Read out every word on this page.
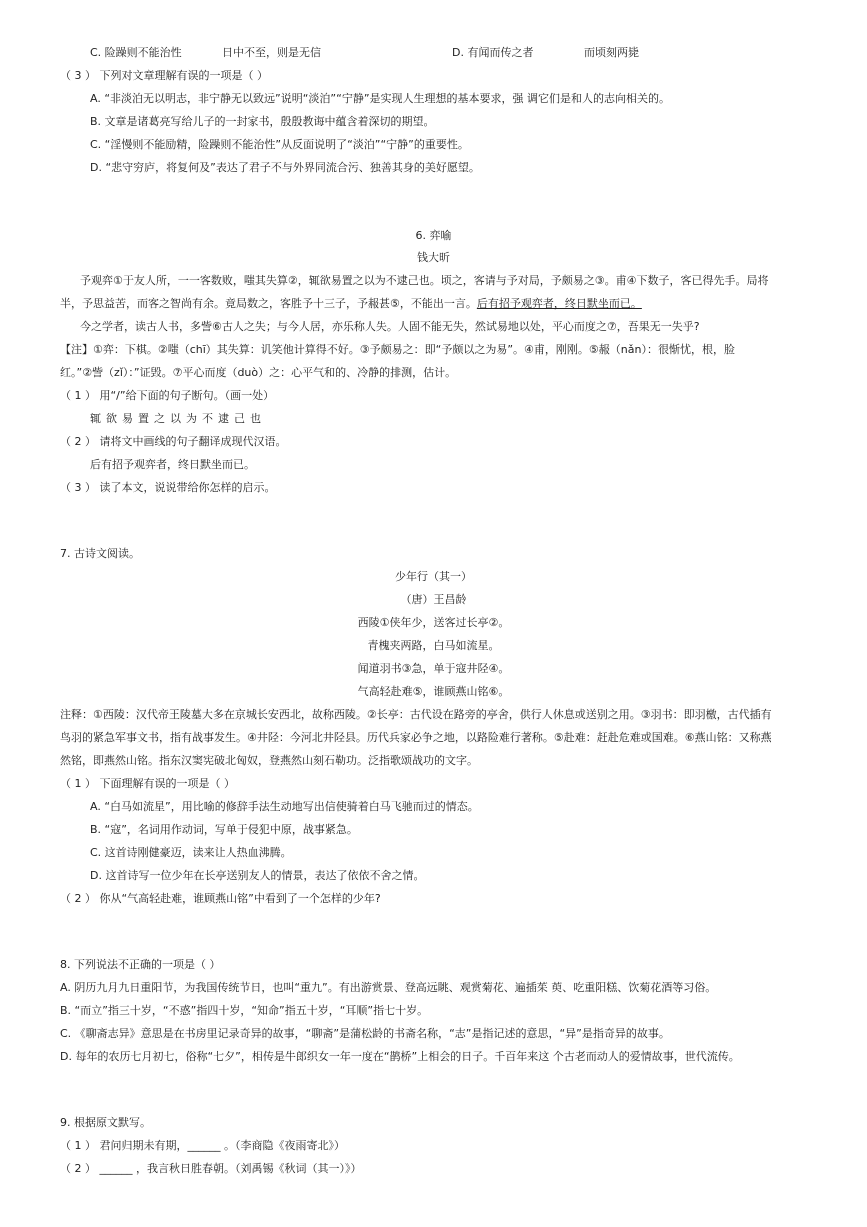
C. 险躁则不能治性	日中不至，则是无信	D. 有闻而传之者	而顷刻两毙
（ 3 ） 下列对文章理解有误的一项是（ ）
A. “非淡泊无以明志，非宁静无以致远”说明“淡泊”“宁静”是实现人生理想的基本要求，强 调它们是和人的志向相关的。
B. 文章是诸葛亮写给儿子的一封家书，殷殷教诲中蕴含着深切的期望。
C. “淫慢则不能励精，险躁则不能治性”从反面说明了“淡泊”“宁静”的重要性。
D. “悲守穷庐，将复何及”表达了君子不与外界同流合污、独善其身的美好愿望。
6. 弈喻
钱大昕
予观弈①于友人所，一一客数败，嗤其失算②，辄欲易置之以为不逮己也。顷之，客请与予对局，予颇易之③。甫④下数子，客已得先手。局将
半，予思益苦，而客之智尚有余。竟局数之，客胜予十三子，予赧甚⑤，不能出一言。后有招予观弈者，终日默坐而已。
今之学者，读古人书，多訾⑥古人之失；与今人居，亦乐称人失。人固不能无失，然试易地以处，平心而度之⑦，吾果无一失乎?
【注】①弈：下棋。②嗤（chī）其失算：讥笑他计算得不好。③予颇易之：即“予颇以之为易”。④甫，刚刚。⑤赧（nǎn）：很惭忧，根，脸
红。”②訾（zǐ）：”证毁。⑦平心而度（duò）之：心平气和的、冷静的排测，估计。
（ 1 ） 用“/”给下面的句子断句。（画一处）
辄欲易置之以为不逮己也
（ 2 ） 请将文中画线的句子翻译成现代汉语。
后有招予观弈者，终日默坐而已。
（ 3 ） 读了本文，说说带给你怎样的启示。
7. 古诗文阅读。
少年行（其一）
（唐）王昌龄
西陵①侠年少，送客过长亭②。
青槐夹两路，白马如流星。
闻道羽书③急，单于寇井陉④。
气高轻赴难⑤，谁顾燕山铭⑥。
注释：①西陵：汉代帝王陵墓大多在京城长安西北，故称西陵。②长亭：古代设在路旁的亭舍，供行人休息或送别之用。③羽书：即羽檄，古代插有
鸟羽的紧急军事文书，指有战事发生。④井陉：今河北井陉县。历代兵家必争之地，以路险难行著称。⑤赴难：赶赴危难或国难。⑥燕山铭：又称燕
然铭，即燕然山铭。指东汉窦宪破北匈奴，登燕然山刻石勒功。泛指歌颂战功的文字。
（ 1 ） 下面理解有误的一项是（ ）
A. “白马如流星”，用比喻的修辞手法生动地写出信使骑着白马飞驰而过的情态。
B. “寇”，名词用作动词，写单于侵犯中原，战事紧急。
C. 这首诗刚健豪迈，读来让人热血沸腾。
D. 这首诗写一位少年在长亭送别友人的情景，表达了依依不舍之情。
（ 2 ） 你从“气高轻赴难，谁顾燕山铭”中看到了一个怎样的少年?
8. 下列说法不正确的一项是（ ）
A. 阴历九月九日重阳节，为我国传统节日，也叫“重九”。有出游赏景、登高远眺、观赏菊花、遍插茱 萸、吃重阳糕、饮菊花酒等习俗。
B. “而立”指三十岁，“不惑”指四十岁，“知命”指五十岁，“耳顺”指七十岁。
C. 《聊斋志异》意思是在书房里记录奇异的故事，“聊斋”是蒲松龄的书斋名称，“志”是指记述的意思，“异”是指奇异的故事。
D. 每年的农历七月初七，俗称“七夕”，相传是牛郎织女一年一度在“鹊桥”上相会的日子。千百年来这 个古老而动人的爱情故事，世代流传。
9. 根据原文默写。
（ 1 ） 君问归期未有期，______ 。（李商隐《夜雨寄北》）
（ 2 ） ______ ，我言秋日胜春朝。（刘禹锡《秋词（其一）》）
